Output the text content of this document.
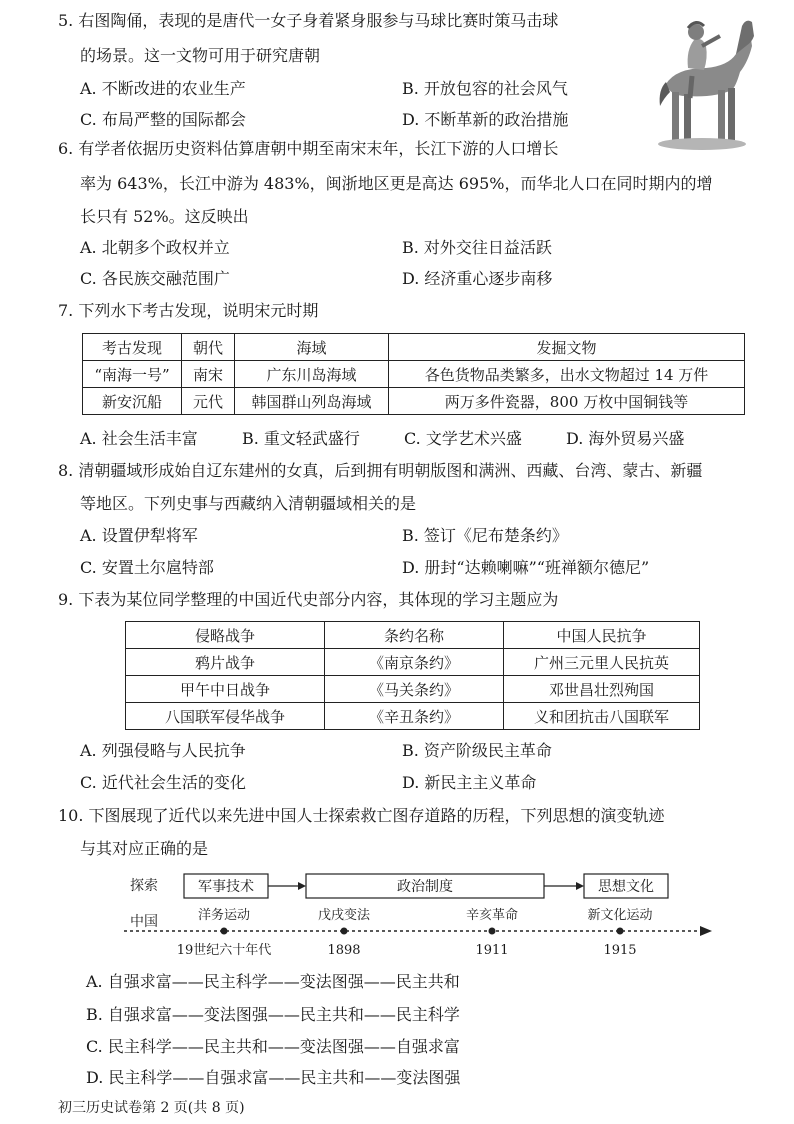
5. 右图陶俑，表现的是唐代一女子身着紧身服参与马球比赛时策马击球
的场景。这一文物可用于研究唐朝
A. 不断改进的农业生产	B. 开放包容的社会风气
C. 布局严整的国际都会	D. 不断革新的政治措施
6. 有学者依据历史资料估算唐朝中期至南宋末年，长江下游的人口增长
率为 643%，长江中游为 483%，闽浙地区更是高达 695%，而华北人口在同时期内的增
长只有 52%。这反映出
A. 北朝多个政权并立	B. 对外交往日益活跃
C. 各民族交融范围广	D. 经济重心逐步南移
7. 下列水下考古发现，说明宋元时期
考古发现	朝代	海域	发掘文物
“南海一号”	南宋	广东川岛海域	各色货物品类繁多，出水文物超过 14 万件
新安沉船	元代	韩国群山列岛海域	两万多件瓷器，800 万枚中国铜钱等
A. 社会生活丰富	B. 重文轻武盛行	C. 文学艺术兴盛	D. 海外贸易兴盛
8. 清朝疆域形成始自辽东建州的女真，后到拥有明朝版图和满洲、西藏、台湾、蒙古、新疆
等地区。下列史事与西藏纳入清朝疆域相关的是
A. 设置伊犁将军	B. 签订《尼布楚条约》
C. 安置土尔扈特部	D. 册封“达赖喇嘛”“班禅额尔德尼”
9. 下表为某位同学整理的中国近代史部分内容，其体现的学习主题应为
侵略战争	条约名称	中国人民抗争
鸦片战争	《南京条约》	广州三元里人民抗英
甲午中日战争	《马关条约》	邓世昌壮烈殉国
八国联军侵华战争	《辛丑条约》	义和团抗击八国联军
A. 列强侵略与人民抗争	B. 资产阶级民主革命
C. 近代社会生活的变化	D. 新民主主义革命
10. 下图展现了近代以来先进中国人士探索救亡图存道路的历程，下列思想的演变轨迹
与其对应正确的是
探索	军事技术	政治制度	思想文化
中国	洋务运动	戊戌变法	辛亥革命	新文化运动
19世纪六十年代	1898	1911	1915
A. 自强求富——民主科学——变法图强——民主共和
B. 自强求富——变法图强——民主共和——民主科学
C. 民主科学——民主共和——变法图强——自强求富
D. 民主科学——自强求富——民主共和——变法图强
初三历史试卷第 2 页(共 8 页)
